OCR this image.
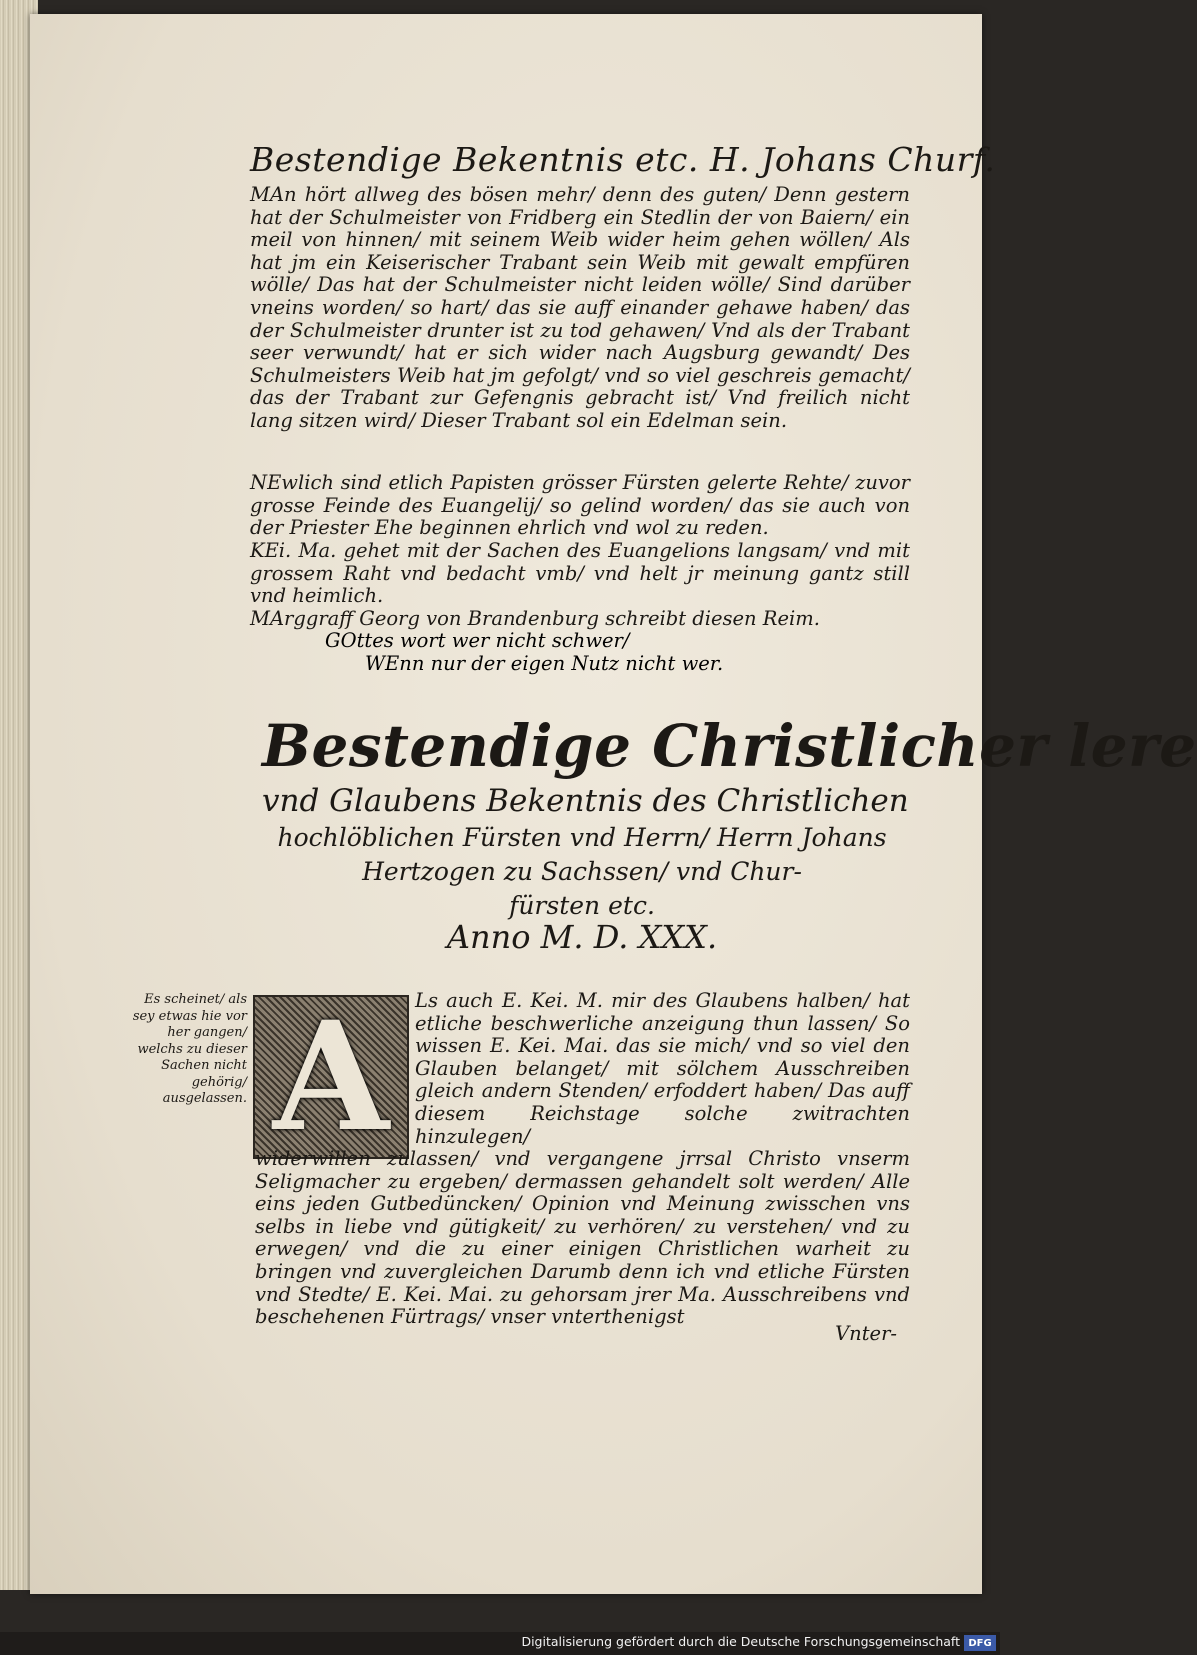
Bestendige Bekentnis etc. H. Johans Churf.
MAn hört allweg des bösen mehr/ denn des guten/ Denn gestern hat der Schulmeister von Fridberg ein Stedlin der von Baiern/ ein meil von hinnen/ mit seinem Weib wider heim gehen wöllen/ Als hat jm ein Keiserischer Trabant sein Weib mit gewalt empfüren wölle/ Das hat der Schulmeister nicht leiden wölle/ Sind darüber vneins worden/ so hart/ das sie auff einander gehawe haben/ das der Schulmeister drunter ist zu tod gehawen/ Vnd als der Trabant seer verwundt/ hat er sich wider nach Augsburg gewandt/ Des Schulmeisters Weib hat jm gefolgt/ vnd so viel geschreis gemacht/ das der Trabant zur Gefengnis gebracht ist/ Vnd freilich nicht lang sitzen wird/ Dieser Trabant sol ein Edelman sein.
NEwlich sind etlich Papisten grösser Fürsten gelerte Rehte/ zuvor grosse Feinde des Euangelij/ so gelind worden/ das sie auch von der Priester Ehe beginnen ehrlich vnd wol zu reden.
KEi. Ma. gehet mit der Sachen des Euangelions langsam/ vnd mit grossem Raht vnd bedacht vmb/ vnd helt jr meinung gantz still vnd heimlich.
MArggraff Georg von Brandenburg schreibt diesen Reim.
GOttes wort wer nicht schwer/
WEnn nur der eigen Nutz nicht wer.
Bestendige Christlicher lere
vnd Glaubens Bekentnis des Christlichen
hochlöblichen Fürsten vnd Herrn/ Herrn Johans
Hertzogen zu Sachssen/ vnd Chur-
fürsten etc.
Anno M. D. XXX.
Es scheinet/ als sey etwas hie vor her gangen/ welchs zu dieser Sachen nicht gehörig/ ausgelassen. A Ls auch E. Kei. M. mir des Glaubens halben/ hat etliche beschwerliche anzeigung thun lassen/ So wissen E. Kei. Mai. das sie mich/ vnd so viel den Glauben belanget/ mit sölchem Ausschreiben gleich andern Stenden/ erfoddert haben/ Das auff diesem Reichstage solche zwitrachten hinzulegen/
widerwillen zulassen/ vnd vergangene jrrsal Christo vnserm Seligmacher zu ergeben/ dermassen gehandelt solt werden/ Alle eins jeden Gutbedüncken/ Opinion vnd Meinung zwisschen vns selbs in liebe vnd gütigkeit/ zu verhören/ zu verstehen/ vnd zu erwegen/ vnd die zu einer einigen Christlichen warheit zu bringen vnd zuvergleichen Darumb denn ich vnd etliche Fürsten vnd Stedte/ E. Kei. Mai. zu gehorsam jrer Ma. Ausschreibens vnd beschehenen Fürtrags/ vnser vnterthenigst
Vnter-
Digitalisierung gefördert durch die Deutsche Forschungsgemeinschaft DFG
